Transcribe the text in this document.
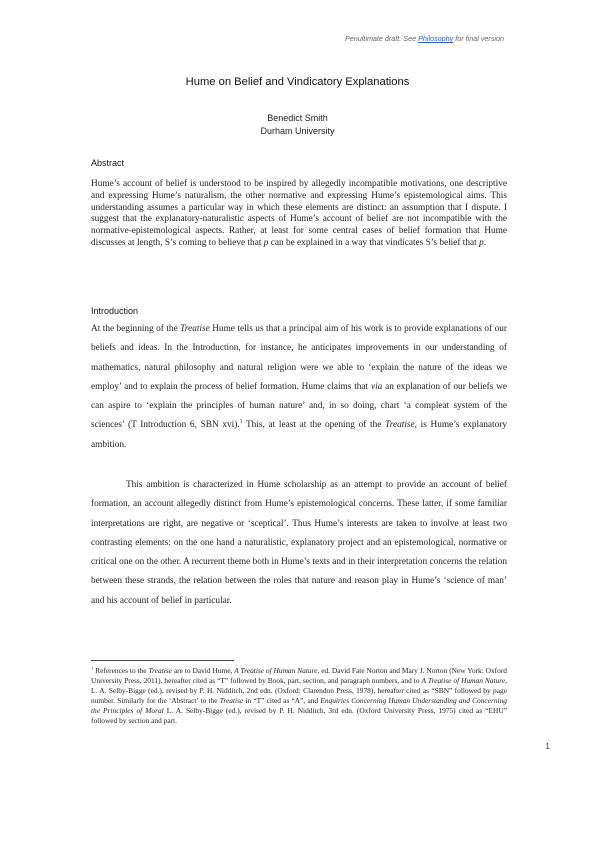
Penultimate draft. See Philosophy for final version
Hume on Belief and Vindicatory Explanations
Benedict Smith
Durham University
Abstract

Hume’s account of belief is understood to be inspired by allegedly incompatible motivations, one descriptive and expressing Hume’s naturalism, the other normative and expressing Hume’s epistemological aims. This understanding assumes a particular way in which these elements are distinct: an assumption that I dispute. I suggest that the explanatory-naturalistic aspects of Hume’s account of belief are not incompatible with the normative-epistemological aspects. Rather, at least for some central cases of belief formation that Hume discusses at length, S’s coming to believe that p can be explained in a way that vindicates S’s belief that p.

Introduction

At the beginning of the Treatise Hume tells us that a principal aim of his work is to provide explanations of our beliefs and ideas. In the Introduction, for instance, he anticipates improvements in our understanding of mathematics, natural philosophy and natural religion were we able to ‘explain the nature of the ideas we employ’ and to explain the process of belief formation. Hume claims that via an explanation of our beliefs we can aspire to ‘explain the principles of human nature’ and, in so doing, chart ‘a compleat system of the sciences’ (T Introduction 6, SBN xvi).$^1$ This, at least at the opening of the Treatise, is Hume’s explanatory ambition.

This ambition is characterized in Hume scholarship as an attempt to provide an account of belief formation, an account allegedly distinct from Hume’s epistemological concerns. These latter, if some familiar interpretations are right, are negative or ‘sceptical’. Thus Hume’s interests are taken to involve at least two contrasting elements: on the one hand a naturalistic, explanatory project and an epistemological, normative or critical one on the other. A recurrent theme both in Hume’s texts and in their interpretation concerns the relation between these strands, the relation between the roles that nature and reason play in Hume’s ‘science of man’ and his account of belief in particular.

$^1$ References to the Treatise are to David Hume, A Treatise of Human Nature, ed. David Fate Norton and Mary J. Norton (New York: Oxford University Press, 2011), hereafter cited as “T” followed by Book, part, section, and paragraph numbers, and to A Treatise of Human Nature, L. A. Selby-Bigge (ed.), revised by P. H. Nidditch, 2nd edn. (Oxford: Clarendon Press, 1978), hereafter cited as “SBN” followed by page number. Similarly for the ‘Abstract’ to the Treatise in “T” cited as “A”, and Enquiries Concerning Human Understanding and Concerning the Principles of Moral L. A. Selby-Bigge (ed.), revised by P. H. Nidditch, 3rd edn. (Oxford University Press, 1975) cited as “EHU” followed by section and part.

1
